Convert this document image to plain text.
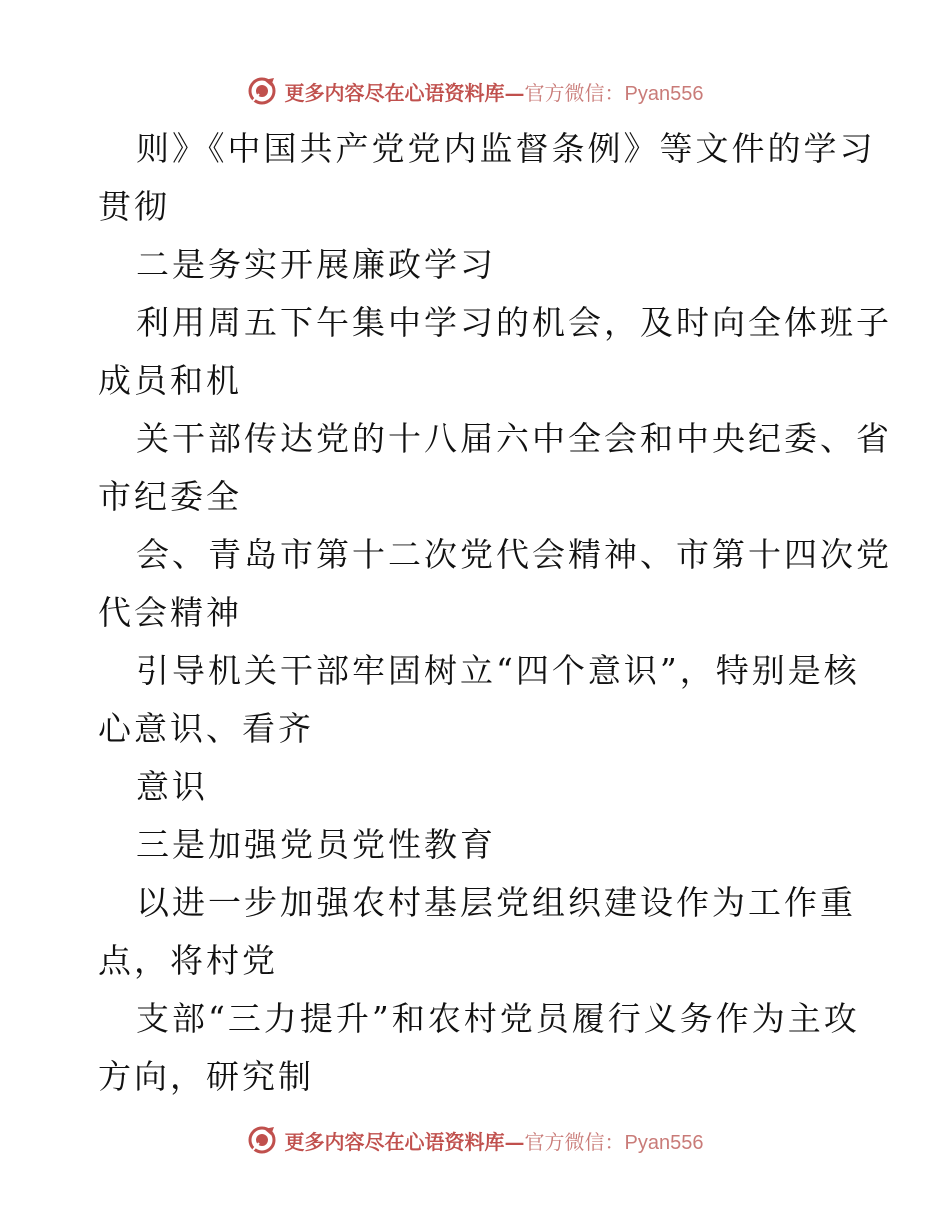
更多内容尽在心语资料库—官方微信：Pyan556
则》《中国共产党党内监督条例》等文件的学习
贯彻
二是务实开展廉政学习
利用周五下午集中学习的机会，及时向全体班子
成员和机
关干部传达党的十八届六中全会和中央纪委、省
市纪委全
会、青岛市第十二次党代会精神、市第十四次党
代会精神
引导机关干部牢固树立“四个意识”，特别是核
心意识、看齐
意识
三是加强党员党性教育
以进一步加强农村基层党组织建设作为工作重
点，将村党
支部“三力提升”和农村党员履行义务作为主攻
方向，研究制
更多内容尽在心语资料库—官方微信：Pyan556
